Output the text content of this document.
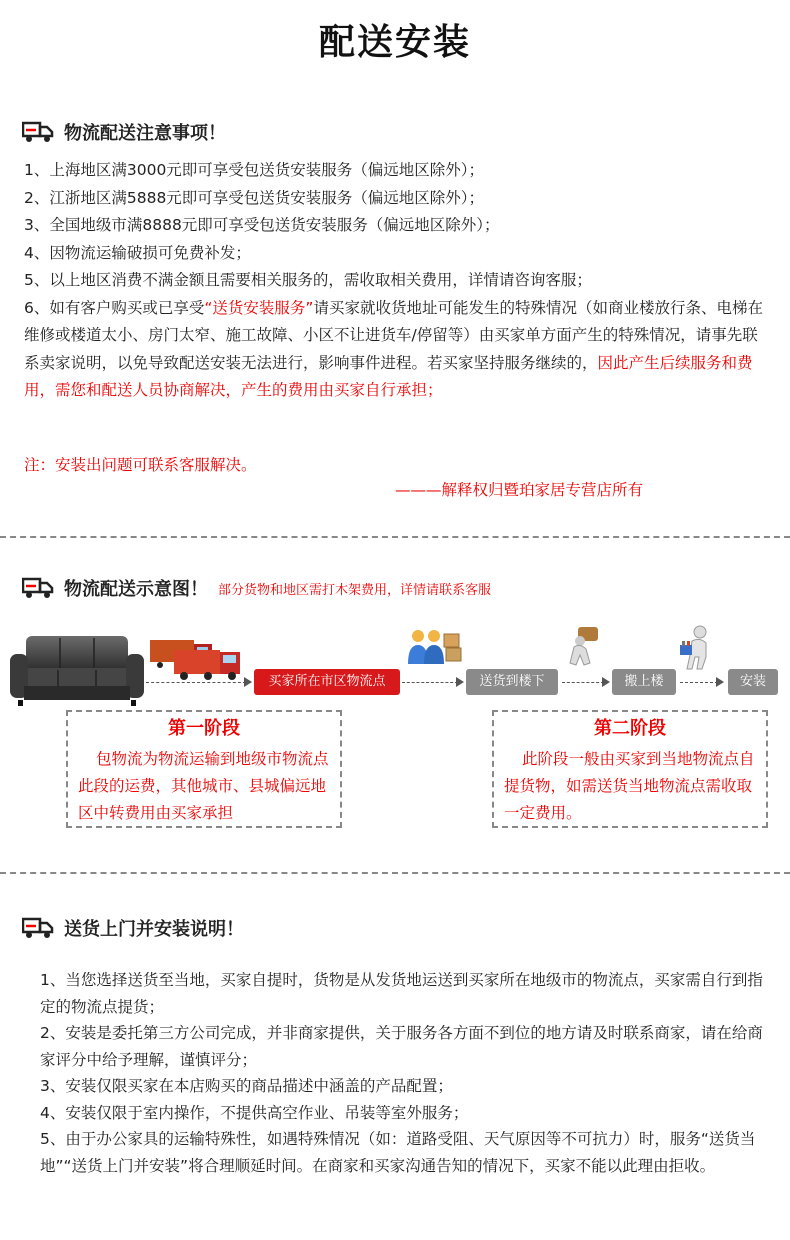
配送安装
物流配送注意事项！

1、上海地区满3000元即可享受包送货安装服务（偏远地区除外）；

2、江浙地区满5888元即可享受包送货安装服务（偏远地区除外）；

3、全国地级市满8888元即可享受包送货安装服务（偏远地区除外）；

4、因物流运输破损可免费补发；

5、以上地区消费不满金额且需要相关服务的，需收取相关费用，详情请咨询客服；

6、如有客户购买或已享受“送货安装服务”请买家就收货地址可能发生的特殊情况（如商业楼放行条、电梯在维修或楼道太小、房门太窄、施工故障、小区不让进货车/停留等）由买家单方面产生的特殊情况，请事先联系卖家说明，以免导致配送安装无法进行，影响事件进程。若买家坚持服务继续的，因此产生后续服务和费用，需您和配送人员协商解决，产生的费用由买家自行承担；

注：安装出问题可联系客服解决。
———解释权归暨珀家居专营店所有
物流配送示意图！ 部分货物和地区需打木架费用，详情请联系客服
买家所在市区物流点	送货到楼下	搬上楼	安装
第一阶段
包物流为物流运输到地级市物流点此段的运费，其他城市、县城偏远地区中转费用由买家承担
第二阶段
此阶段一般由买家到当地物流点自提货物，如需送货当地物流点需收取一定费用。
送货上门并安装说明！

1、当您选择送货至当地，买家自提时，货物是从发货地运送到买家所在地级市的物流点，买家需自行到指定的物流点提货；

2、安装是委托第三方公司完成，并非商家提供，关于服务各方面不到位的地方请及时联系商家，请在给商家评分中给予理解，谨慎评分；

3、安装仅限买家在本店购买的商品描述中涵盖的产品配置；

4、安装仅限于室内操作，不提供高空作业、吊装等室外服务；

5、由于办公家具的运输特殊性，如遇特殊情况（如：道路受阻、天气原因等不可抗力）时，服务“送货当地”“送货上门并安装”将合理顺延时间。在商家和买家沟通告知的情况下，买家不能以此理由拒收。
